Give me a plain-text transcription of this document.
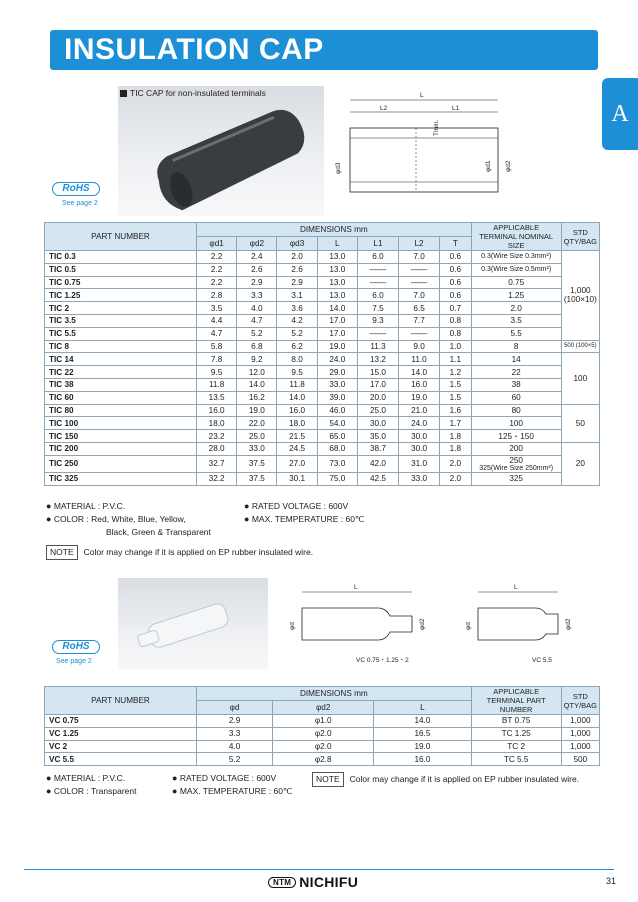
INSULATION CAP
A
TIC CAP for non-insulated terminals
RoHS
See page 2
L
L2	L1
Tmin.
φd3	φd1 φd2
PART NUMBER	DIMENSIONS mm							APPLICABLE TERMINAL NOMINAL SIZE	STD QTY/BAG
	φd1	φd2	φd3	L	L1	L2	T		
TIC 0.3	2.2	2.4	2.0	13.0	6.0	7.0	0.6	0.3(Wire Size 0.3mm²)	1,000 (100×10)
TIC 0.5	2.2	2.6	2.6	13.0	――	――	0.6	0.3(Wire Size 0.5mm²)	

TIC 0.75	2.2	2.9	2.9	13.0	――	――	0.6	0.75	

TIC 1.25	2.8	3.3	3.1	13.0	6.0	7.0	0.6	1.25	

TIC 2	3.5	4.0	3.6	14.0	7.5	6.5	0.7	2.0	

TIC 3.5	4.4	4.7	4.2	17.0	9.3	7.7	0.8	3.5	

TIC 5.5	4.7	5.2	5.2	17.0	――	――	0.8	5.5	

TIC 8	5.8	6.8	6.2	19.0	11.3	9.0	1.0	8	500 (100×5)
TIC 14	7.8	9.2	8.0	24.0	13.2	11.0	1.1	14	100
TIC 22	9.5	12.0	9.5	29.0	15.0	14.0	1.2	22	

TIC 38	11.8	14.0	11.8	33.0	17.0	16.0	1.5	38	

TIC 60	13.5	16.2	14.0	39.0	20.0	19.0	1.5	60	

TIC 80	16.0	19.0	16.0	46.0	25.0	21.0	1.6	80	50
TIC 100	18.0	22.0	18.0	54.0	30.0	24.0	1.7	100	

TIC 150	23.2	25.0	21.5	65.0	35.0	30.0	1.8	125・150	

TIC 200	28.0	33.0	24.5	68.0	38.7	30.0	1.8	200	20
TIC 250	32.7	37.5	27.0	73.0	42.0	31.0	2.0	250
325(Wire Size 250mm²)	

TIC 325	32.2	37.5	30.1	75.0	42.5	33.0	2.0	325	
● MATERIAL : P.V.C.
● COLOR : Red, White, Blue, Yellow,
Black, Green & Transparent
● RATED VOLTAGE : 600V
● MAX. TEMPERATURE : 60℃
NOTE Color may change if it is applied on EP rubber insulated wire.
RoHS
See page 2
L
φd	φd2
VC 0.75・1.25・2
L
φd	φd2
VC 5.5
PART NUMBER	DIMENSIONS mm			APPLICABLE TERMINAL PART NUMBER	STD QTY/BAG
	φd	φd2	L		
VC 0.75	2.9	φ1.0	14.0	BT 0.75	1,000
VC 1.25	3.3	φ2.0	16.5	TC 1.25	1,000
VC 2	4.0	φ2.0	19.0	TC 2	1,000
VC 5.5	5.2	φ2.8	16.0	TC 5.5	500
● MATERIAL : P.V.C.
● COLOR : Transparent
● RATED VOLTAGE : 600V
● MAX. TEMPERATURE : 60℃
NOTE Color may change if it is applied on EP rubber insulated wire.
NTM NICHIFU	31
